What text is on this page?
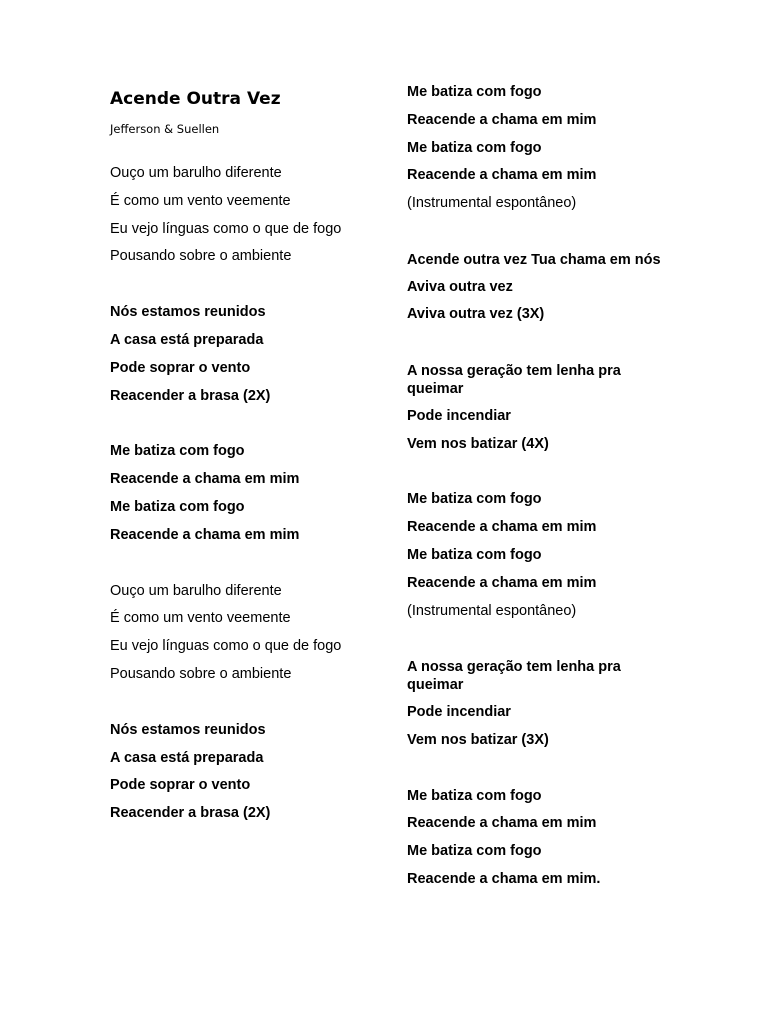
Acende Outra Vez
Jefferson & Suellen
Ouço um barulho diferente
É como um vento veemente
Eu vejo línguas como o que de fogo
Pousando sobre o ambiente
Nós estamos reunidos
A casa está preparada
Pode soprar o vento
Reacender a brasa (2X)
Me batiza com fogo
Reacende a chama em mim
Me batiza com fogo
Reacende a chama em mim
Ouço um barulho diferente
É como um vento veemente
Eu vejo línguas como o que de fogo
Pousando sobre o ambiente
Nós estamos reunidos
A casa está preparada
Pode soprar o vento
Reacender a brasa (2X)
Me batiza com fogo
Reacende a chama em mim
Me batiza com fogo
Reacende a chama em mim
(Instrumental espontâneo)
Acende outra vez Tua chama em nós
Aviva outra vez
Aviva outra vez (3X)
A nossa geração tem lenha pra queimar
Pode incendiar
Vem nos batizar (4X)
Me batiza com fogo
Reacende a chama em mim
Me batiza com fogo
Reacende a chama em mim
(Instrumental espontâneo)
A nossa geração tem lenha pra queimar
Pode incendiar
Vem nos batizar (3X)
Me batiza com fogo
Reacende a chama em mim
Me batiza com fogo
Reacende a chama em mim.
